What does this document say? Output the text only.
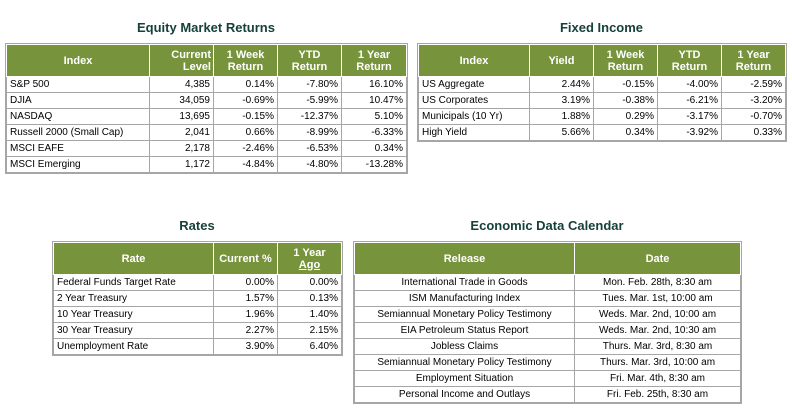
Equity Market Returns
Index	Current Level	1 Week Return	YTD Return	1 Year Return
S&P 500	4,385	0.14%	-7.80%	16.10%
DJIA	34,059	-0.69%	-5.99%	10.47%
NASDAQ	13,695	-0.15%	-12.37%	5.10%
Russell 2000 (Small Cap)	2,041	0.66%	-8.99%	-6.33%
MSCI EAFE	2,178	-2.46%	-6.53%	0.34%
MSCI Emerging	1,172	-4.84%	-4.80%	-13.28%
Fixed Income
Index	Yield	1 Week Return	YTD Return	1 Year Return
US Aggregate	2.44%	-0.15%	-4.00%	-2.59%
US Corporates	3.19%	-0.38%	-6.21%	-3.20%
Municipals (10 Yr)	1.88%	0.29%	-3.17%	-0.70%
High Yield	5.66%	0.34%	-3.92%	0.33%
Rates
Rate	Current %	1 Year
Ago
Federal Funds Target Rate	0.00%	0.00%
2 Year Treasury	1.57%	0.13%
10 Year Treasury	1.96%	1.40%
30 Year Treasury	2.27%	2.15%
Unemployment Rate	3.90%	6.40%
Economic Data Calendar
Release	Date
International Trade in Goods	Mon. Feb. 28th, 8:30 am
ISM Manufacturing Index	Tues. Mar. 1st, 10:00 am
Semiannual Monetary Policy Testimony	Weds. Mar. 2nd, 10:00 am
EIA Petroleum Status Report	Weds. Mar. 2nd, 10:30 am
Jobless Claims	Thurs. Mar. 3rd, 8:30 am
Semiannual Monetary Policy Testimony	Thurs. Mar. 3rd, 10:00 am
Employment Situation	Fri. Mar. 4th, 8:30 am
Personal Income and Outlays	Fri. Feb. 25th, 8:30 am
